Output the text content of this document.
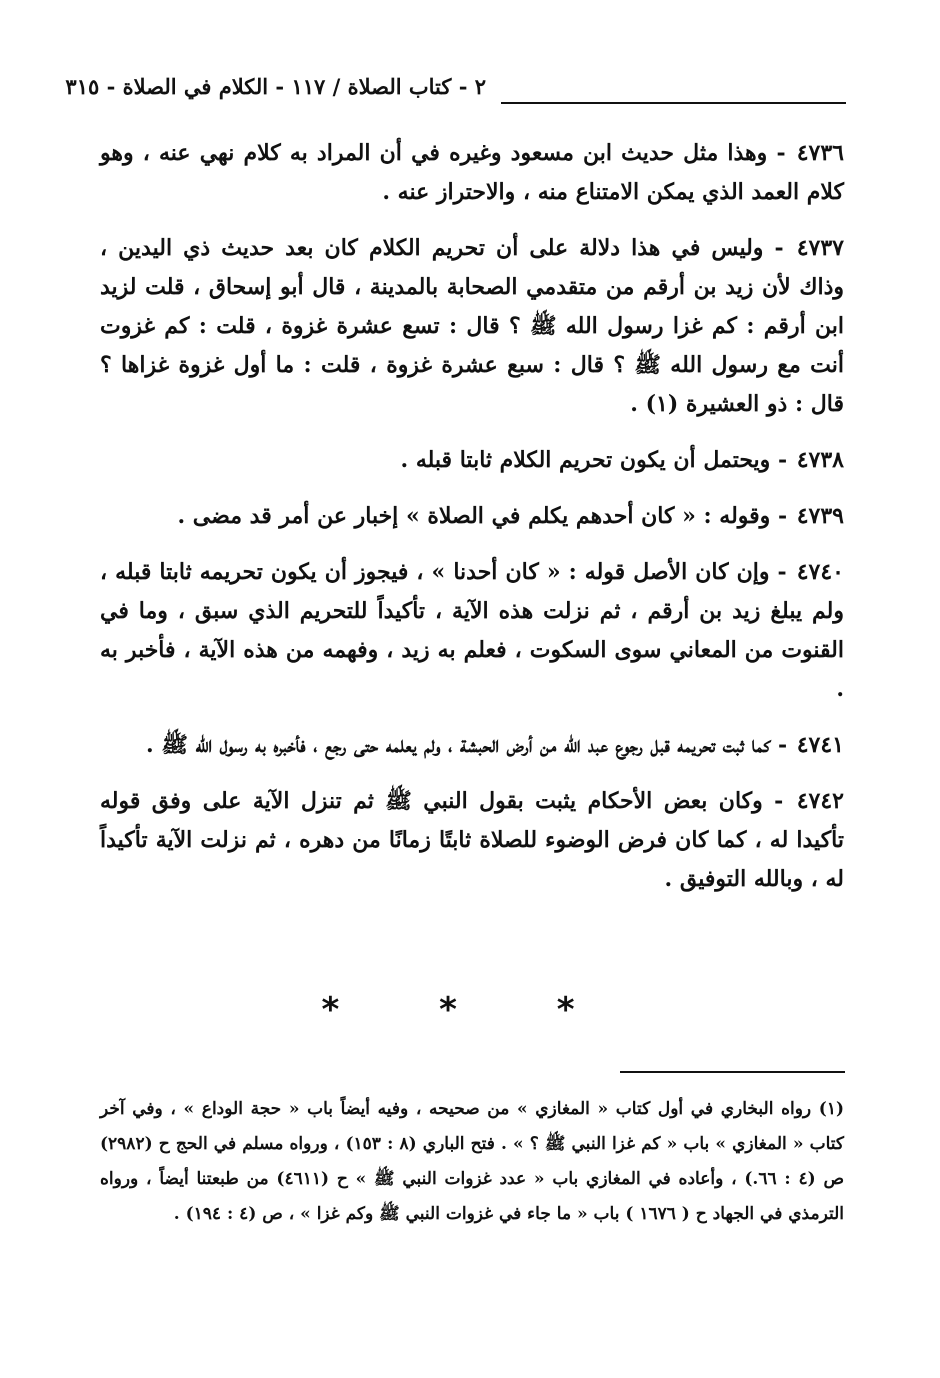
٢ - كتاب الصلاة / ١١٧ - الكلام في الصلاة - ٣١٥

٤٧٣٦ - وهذا مثل حديث ابن مسعود وغيره في أن المراد به كلام نهي عنه ، وهو كلام العمد الذي يمكن الامتناع منه ، والاحتراز عنه .

٤٧٣٧ - وليس في هذا دلالة على أن تحريم الكلام كان بعد حديث ذي اليدين ، وذاك لأن زيد بن أرقم من متقدمي الصحابة بالمدينة ، قال أبو إسحاق ، قلت لزيد ابن أرقم : كم غزا رسول الله ﷺ ؟ قال : تسع عشرة غزوة ، قلت : كم غزوت أنت مع رسول الله ﷺ ؟ قال : سبع عشرة غزوة ، قلت : ما أول غزوة غزاها ؟ قال : ذو العشيرة (١) .

٤٧٣٨ - ويحتمل أن يكون تحريم الكلام ثابتا قبله .

٤٧٣٩ - وقوله : « كان أحدهم يكلم في الصلاة » إخبار عن أمر قد مضى .

٤٧٤٠ - وإن كان الأصل قوله : « كان أحدنا » ، فيجوز أن يكون تحريمه ثابتا قبله ، ولم يبلغ زيد بن أرقم ، ثم نزلت هذه الآية ، تأكيداً للتحريم الذي سبق ، وما في القنوت من المعاني سوى السكوت ، فعلم به زيد ، وفهمه من هذه الآية ، فأخبر به .

٤٧٤١ - كما ثبت تحريمه قبل رجوع عبد الله من أرض الحبشة ، ولم يعلمه حتى رجع ، فأخبره به رسول الله ﷺ .

٤٧٤٢ - وكان بعض الأحكام يثبت بقول النبي ﷺ ثم تنزل الآية على وفق قوله تأكيدا له ، كما كان فرض الوضوء للصلاة ثابتًا زمانًا من دهره ، ثم نزلت الآية تأكيداً له ، وبالله التوفيق .

* * *
(١) رواه البخاري في أول كتاب « المغازي » من صحيحه ، وفيه أيضاً باب « حجة الوداع » ، وفي آخر كتاب « المغازي » باب « كم غزا النبي ﷺ ؟ » . فتح الباري (٨ : ١٥٣) ، ورواه مسلم في الحج ح (٢٩٨٢) ص (٤ : ٦٦.) ، وأعاده في المغازي باب « عدد غزوات النبي ﷺ » ح (٤٦١١) من طبعتنا أيضاً ، ورواه الترمذي في الجهاد ح ( ١٦٧٦ ) باب « ما جاء في غزوات النبي ﷺ وكم غزا » ، ص (٤ : ١٩٤) .
